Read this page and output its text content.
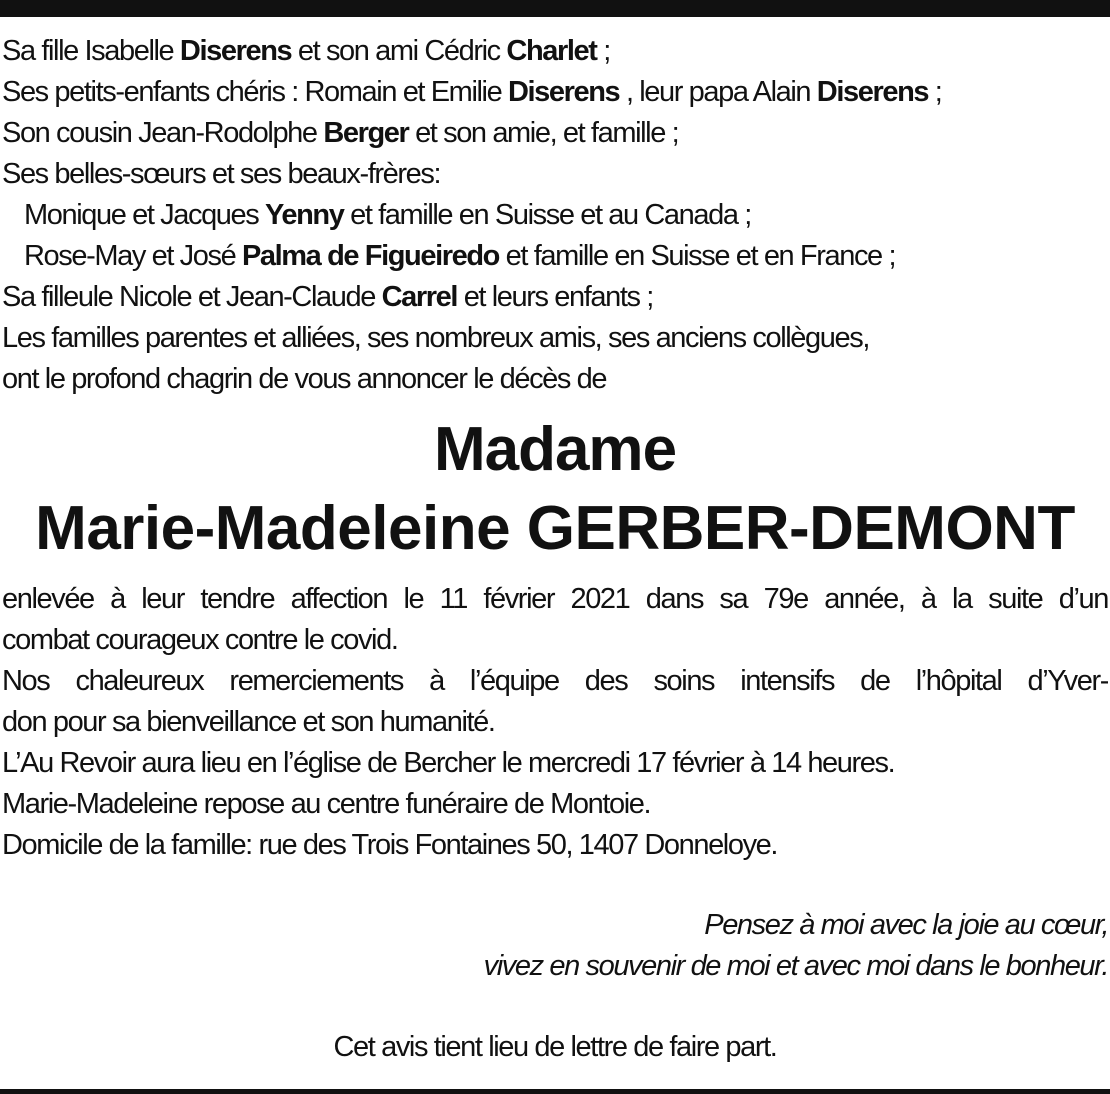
Sa fille Isabelle Diserens et son ami Cédric Charlet ;
Ses petits-enfants chéris : Romain et Emilie Diserens , leur papa Alain Diserens ;
Son cousin Jean-Rodolphe Berger et son amie, et famille ;
Ses belles-sœurs et ses beaux-frères:
Monique et Jacques Yenny et famille en Suisse et au Canada ;
Rose-May et José Palma de Figueiredo et famille en Suisse et en France ;
Sa filleule Nicole et Jean-Claude Carrel et leurs enfants ;
Les familles parentes et alliées, ses nombreux amis, ses anciens collègues,
ont le profond chagrin de vous annoncer le décès de
Madame
Marie-Madeleine GERBER-DEMONT

enlevée à leur tendre affection le 11 février 2021 dans sa 79e année, à la suite d’un

combat courageux contre le covid.

Nos chaleureux remerciements à l’équipe des soins intensifs de l’hôpital d’Yver-

don pour sa bienveillance et son humanité.

L’Au Revoir aura lieu en l’église de Bercher le mercredi 17 février à 14 heures.

Marie-Madeleine repose au centre funéraire de Montoie.

Domicile de la famille: rue des Trois Fontaines 50, 1407 Donneloye.

Pensez à moi avec la joie au cœur,
vivez en souvenir de moi et avec moi dans le bonheur.
Cet avis tient lieu de lettre de faire part.
